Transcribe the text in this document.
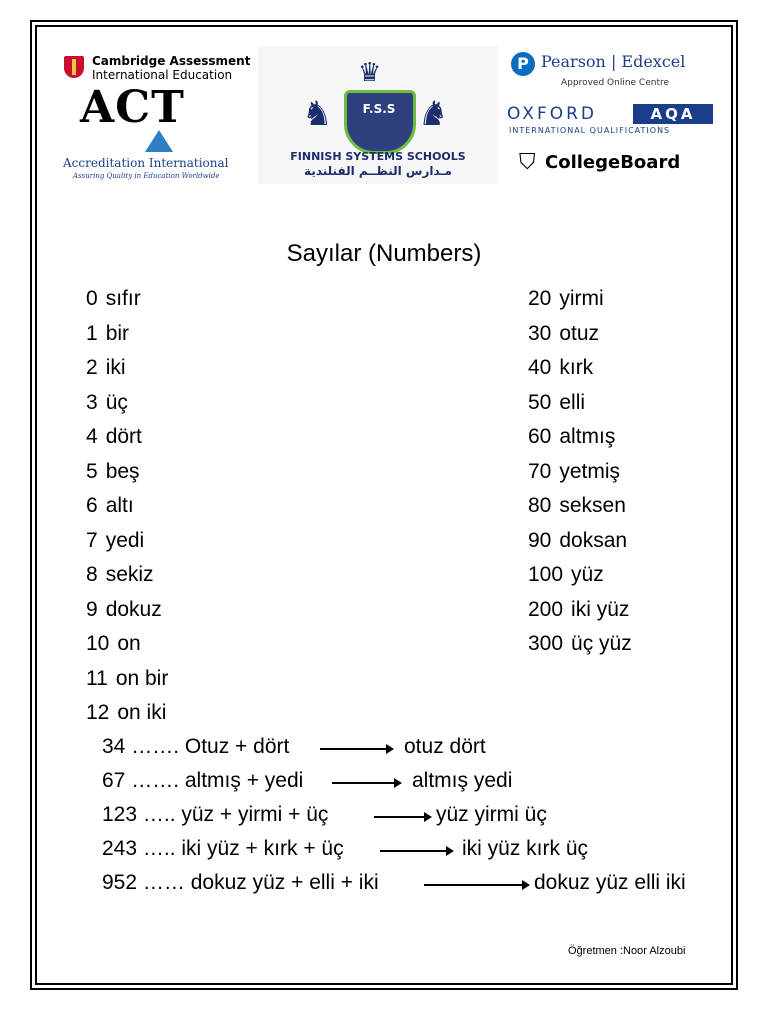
Cambridge Assessment
International Education
ACT
Accreditation International
Assuring Quality in Education Worldwide
♛
♞	♞
F.S.S
FINNISH SYSTEMS SCHOOLS
مـدارس النظــم الفنلندية
P Pearson | Edexcel
Approved Online Centre
OXFORD	AQA
INTERNATIONAL QUALIFICATIONS
⛉ CollegeBoard
Sayılar (Numbers)
0 sıfır
1 bir
2 iki
3 üç
4 dört
5 beş
6 altı
7 yedi
8 sekiz
9 dokuz
10 on
11 on bir
12 on iki
20 yirmi
30 otuz
40 kırk
50 elli
60 altmış
70 yetmiş
80 seksen
90 doksan
100 yüz
200 iki yüz
300 üç yüz
34 ……. Otuz + dört	otuz dört
67 ……. altmış + yedi	altmış yedi
123 ….. yüz + yirmi + üç	yüz yirmi üç
243 ….. iki yüz + kırk + üç	iki yüz kırk üç
952 …… dokuz yüz + elli + iki	dokuz yüz elli iki
Öğretmen :Noor Alzoubi
